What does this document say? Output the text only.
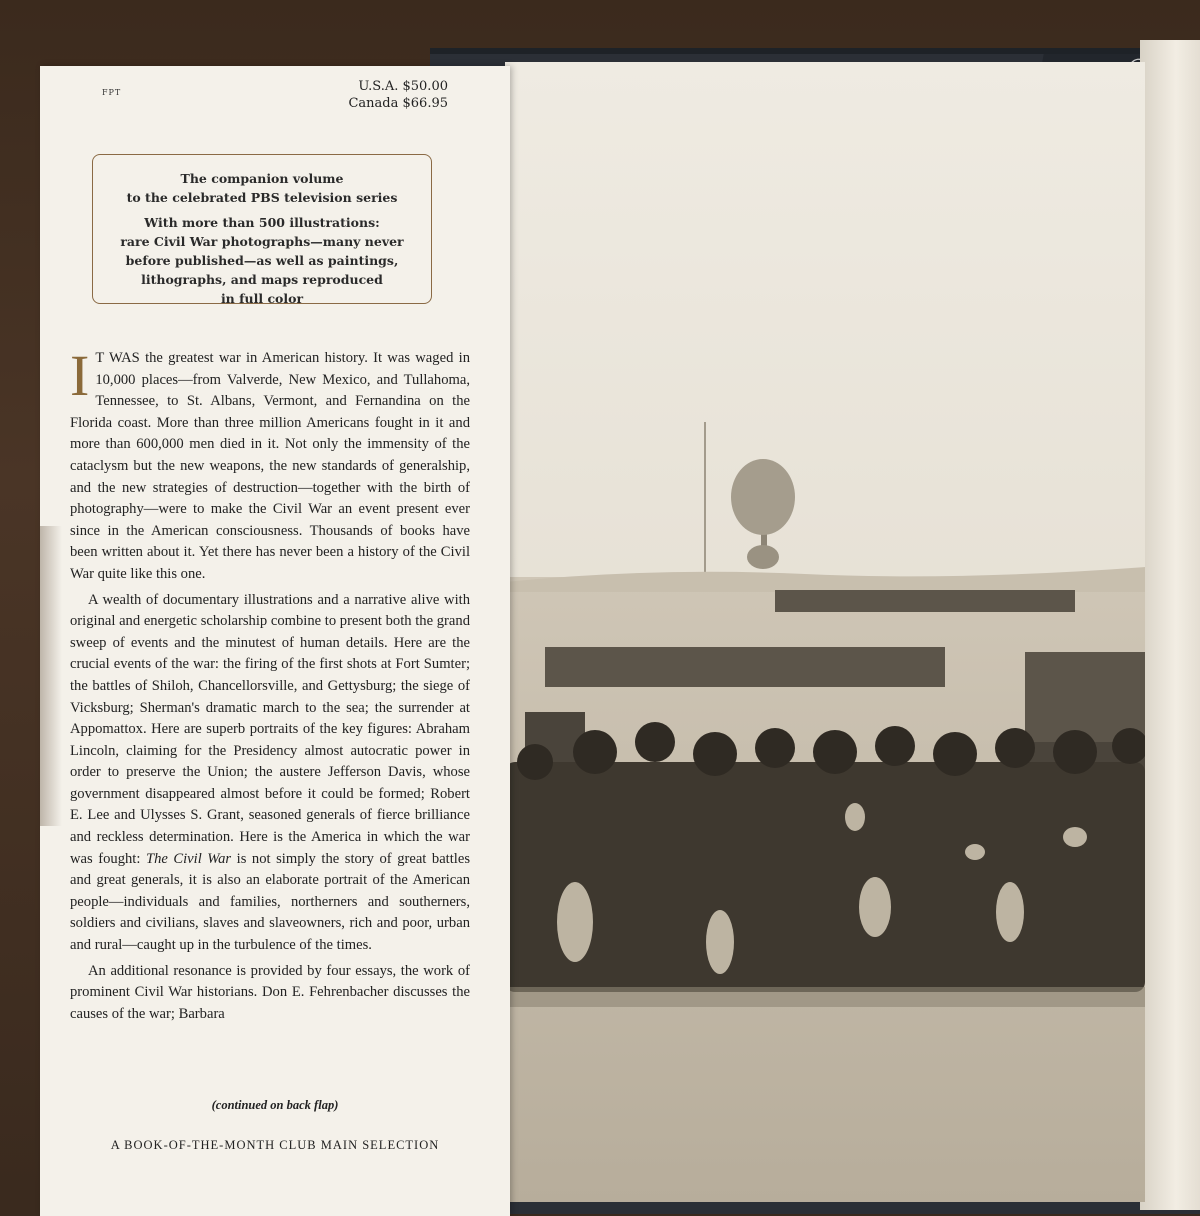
FPT	U.S.A. $50.00
Canada $66.95

The companion volume
to the celebrated PBS television series

With more than 500 illustrations:
rare Civil War photographs—many never
before published—as well as paintings,
lithographs, and maps reproduced
in full color

I T WAS the greatest war in American history. It was waged in 10,000 places—from Valverde, New Mexico, and Tullahoma, Tennessee, to St. Albans, Vermont, and Fernandina on the Florida coast. More than three million Americans fought in it and more than 600,000 men died in it. Not only the immensity of the cataclysm but the new weapons, the new standards of generalship, and the new strategies of destruction—together with the birth of photography—were to make the Civil War an event present ever since in the American consciousness. Thousands of books have been written about it. Yet there has never been a history of the Civil War quite like this one.

A wealth of documentary illustrations and a narrative alive with original and energetic scholarship combine to present both the grand sweep of events and the minutest of human details. Here are the crucial events of the war: the firing of the first shots at Fort Sumter; the battles of Shiloh, Chancellorsville, and Gettysburg; the siege of Vicksburg; Sherman's dramatic march to the sea; the surrender at Appomattox. Here are superb portraits of the key figures: Abraham Lincoln, claiming for the Presidency almost autocratic power in order to preserve the Union; the austere Jefferson Davis, whose government disappeared almost before it could be formed; Robert E. Lee and Ulysses S. Grant, seasoned generals of fierce brilliance and reckless determination. Here is the America in which the war was fought: The Civil War is not simply the story of great battles and great generals, it is also an elaborate portrait of the American people—individuals and families, northerners and southerners, soldiers and civilians, slaves and slaveowners, rich and poor, urban and rural—caught up in the turbulence of the times.

An additional resonance is provided by four essays, the work of prominent Civil War historians. Don E. Fehrenbacher discusses the causes of the war; Barbara

(continued on back flap)
A BOOK-OF-THE-MONTH CLUB MAIN SELECTION
